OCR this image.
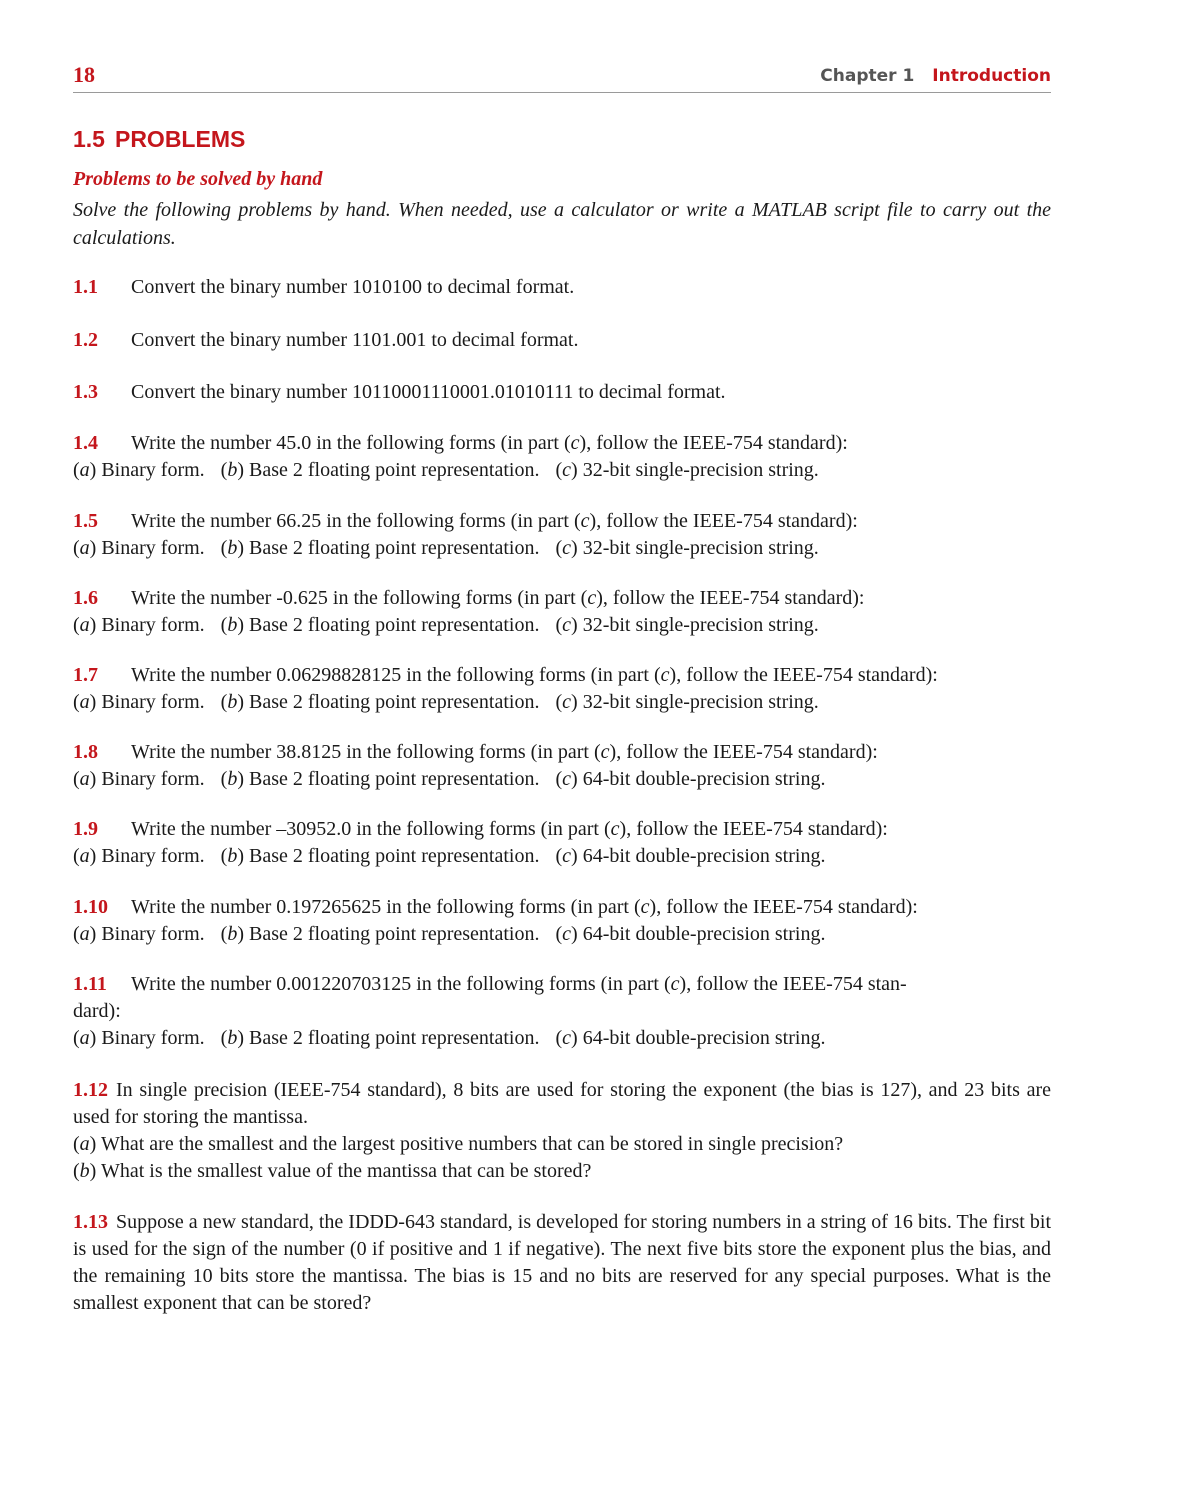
18	Chapter 1 Introduction
1.5 PROBLEMS
Problems to be solved by hand
Solve the following problems by hand. When needed, use a calculator or write a MATLAB script file to carry out the calculations.
1.1 Convert the binary number 1010100 to decimal format.
1.2 Convert the binary number 1101.001 to decimal format.
1.3 Convert the binary number 10110001110001.01010111 to decimal format.
1.4 Write the number 45.0 in the following forms (in part (c), follow the IEEE-754 standard):
(a) Binary form. (b) Base 2 floating point representation. (c) 32-bit single-precision string.
1.5 Write the number 66.25 in the following forms (in part (c), follow the IEEE-754 standard):
(a) Binary form. (b) Base 2 floating point representation. (c) 32-bit single-precision string.
1.6 Write the number -0.625 in the following forms (in part (c), follow the IEEE-754 standard):
(a) Binary form. (b) Base 2 floating point representation. (c) 32-bit single-precision string.
1.7 Write the number 0.06298828125 in the following forms (in part (c), follow the IEEE-754 standard):
(a) Binary form. (b) Base 2 floating point representation. (c) 32-bit single-precision string.
1.8 Write the number 38.8125 in the following forms (in part (c), follow the IEEE-754 standard):
(a) Binary form. (b) Base 2 floating point representation. (c) 64-bit double-precision string.
1.9 Write the number –30952.0 in the following forms (in part (c), follow the IEEE-754 standard):
(a) Binary form. (b) Base 2 floating point representation. (c) 64-bit double-precision string.
1.10 Write the number 0.197265625 in the following forms (in part (c), follow the IEEE-754 standard):
(a) Binary form. (b) Base 2 floating point representation. (c) 64-bit double-precision string.
1.11 Write the number 0.001220703125 in the following forms (in part (c), follow the IEEE-754 stan-
dard):
(a) Binary form. (b) Base 2 floating point representation. (c) 64-bit double-precision string.
1.12 In single precision (IEEE-754 standard), 8 bits are used for storing the exponent (the bias is 127), and 23 bits are used for storing the mantissa.
(a) What are the smallest and the largest positive numbers that can be stored in single precision?
(b) What is the smallest value of the mantissa that can be stored?
1.13 Suppose a new standard, the IDDD-643 standard, is developed for storing numbers in a string of 16 bits. The first bit is used for the sign of the number (0 if positive and 1 if negative). The next five bits store the exponent plus the bias, and the remaining 10 bits store the mantissa. The bias is 15 and no bits are reserved for any special purposes. What is the smallest exponent that can be stored?
